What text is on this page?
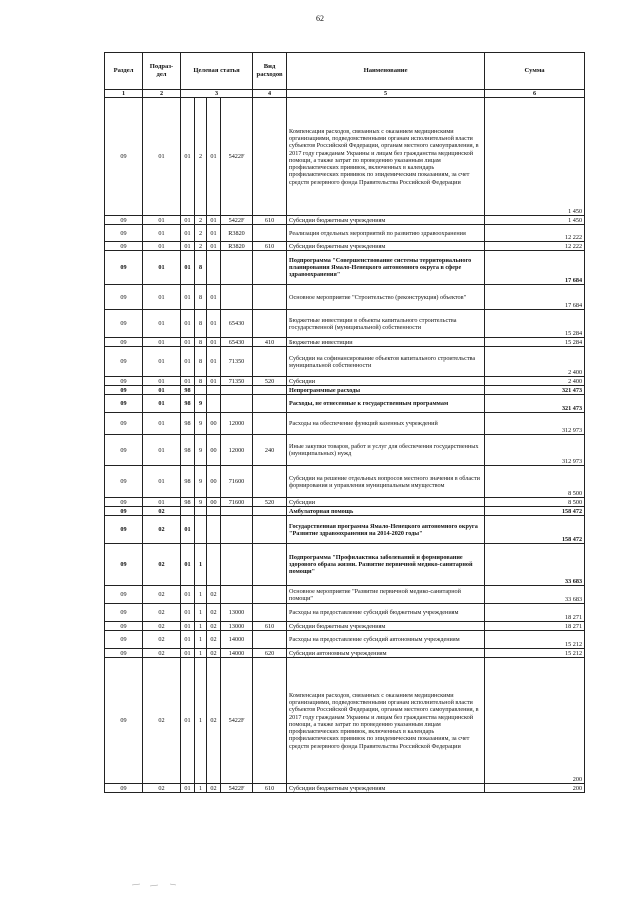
62
Раздел	Подраз-дел	Целевая статья				Вид расходов	Наименование	Сумма
1	2	3				4	5	6
09	01	01	2	01	5422F		Компенсация расходов, связанных с оказанием медицинскими организациями, подведомственными органам исполнительной власти субъектов Российской Федерации, органам местного самоуправления, в 2017 году гражданам Украины и лицам без гражданства медицинской помощи, а также затрат по проведению указанным лицам профилактических прививок, включенных в календарь профилактических прививок по эпидемическим показаниям, за счет средств резервного фонда Правительства Российской Федерации	1 450
09	01	01	2	01	5422F	610	Субсидии бюджетным учреждениям	1 450
09	01	01	2	01	R3820		Реализация отдельных мероприятий по развитию здравоохранения	12 222
09	01	01	2	01	R3820	610	Субсидии бюджетным учреждениям	12 222
09	01	01	8				Подпрограмма "Совершенствование системы территориального планирования Ямало-Ненецкого автономного округа в сфере здравоохранения"	17 684
09	01	01	8	01			Основное мероприятие "Строительство (реконструкция) объектов"	17 684
09	01	01	8	01	65430		Бюджетные инвестиции в объекты капитального строительства государственной (муниципальной) собственности	15 284
09	01	01	8	01	65430	410	Бюджетные инвестиции	15 284
09	01	01	8	01	71350		Субсидии на софинансирование объектов капитального строительства муниципальной собственности	2 400
09	01	01	8	01	71350	520	Субсидии	2 400
09	01	98					Непрограммные расходы	321 473
09	01	98	9				Расходы, не отнесенные к государственным программам	321 473
09	01	98	9	00	12000		Расходы на обеспечение функций казенных учреждений	312 973
09	01	98	9	00	12000	240	Иные закупки товаров, работ и услуг для обеспечения государственных (муниципальных) нужд	312 973
09	01	98	9	00	71600		Субсидии на решение отдельных вопросов местного значения в области формирования и управления муниципальным имуществом	8 500
09	01	98	9	00	71600	520	Субсидии	8 500
09	02						Амбулаторная помощь	158 472
09	02	01					Государственная программа Ямало-Ненецкого автономного округа "Развитие здравоохранения на 2014-2020 годы"	158 472
09	02	01	1				Подпрограмма "Профилактика заболеваний и формирование здорового образа жизни. Развитие первичной медико-санитарной помощи"	33 683
09	02	01	1	02			Основное мероприятие "Развитие первичной медико-санитарной помощи"	33 683
09	02	01	1	02	13000		Расходы на предоставление субсидий бюджетным учреждениям	18 271
09	02	01	1	02	13000	610	Субсидии бюджетным учреждениям	18 271
09	02	01	1	02	14000		Расходы на предоставление субсидий автономным учреждениям	15 212
09	02	01	1	02	14000	620	Субсидии автономным учреждениям	15 212
09	02	01	1	02	5422F		Компенсация расходов, связанных с оказанием медицинскими организациями, подведомственными органам исполнительной власти субъектов Российской Федерации, органам местного самоуправления, в 2017 году гражданам Украины и лицам без гражданства медицинской помощи, а также затрат по проведению указанным лицам профилактических прививок, включенных в календарь профилактических прививок по эпидемическим показаниям, за счет средств резервного фонда Правительства Российской Федерации	200
09	02	01	1	02	5422F	610	Субсидии бюджетным учреждениям	200
